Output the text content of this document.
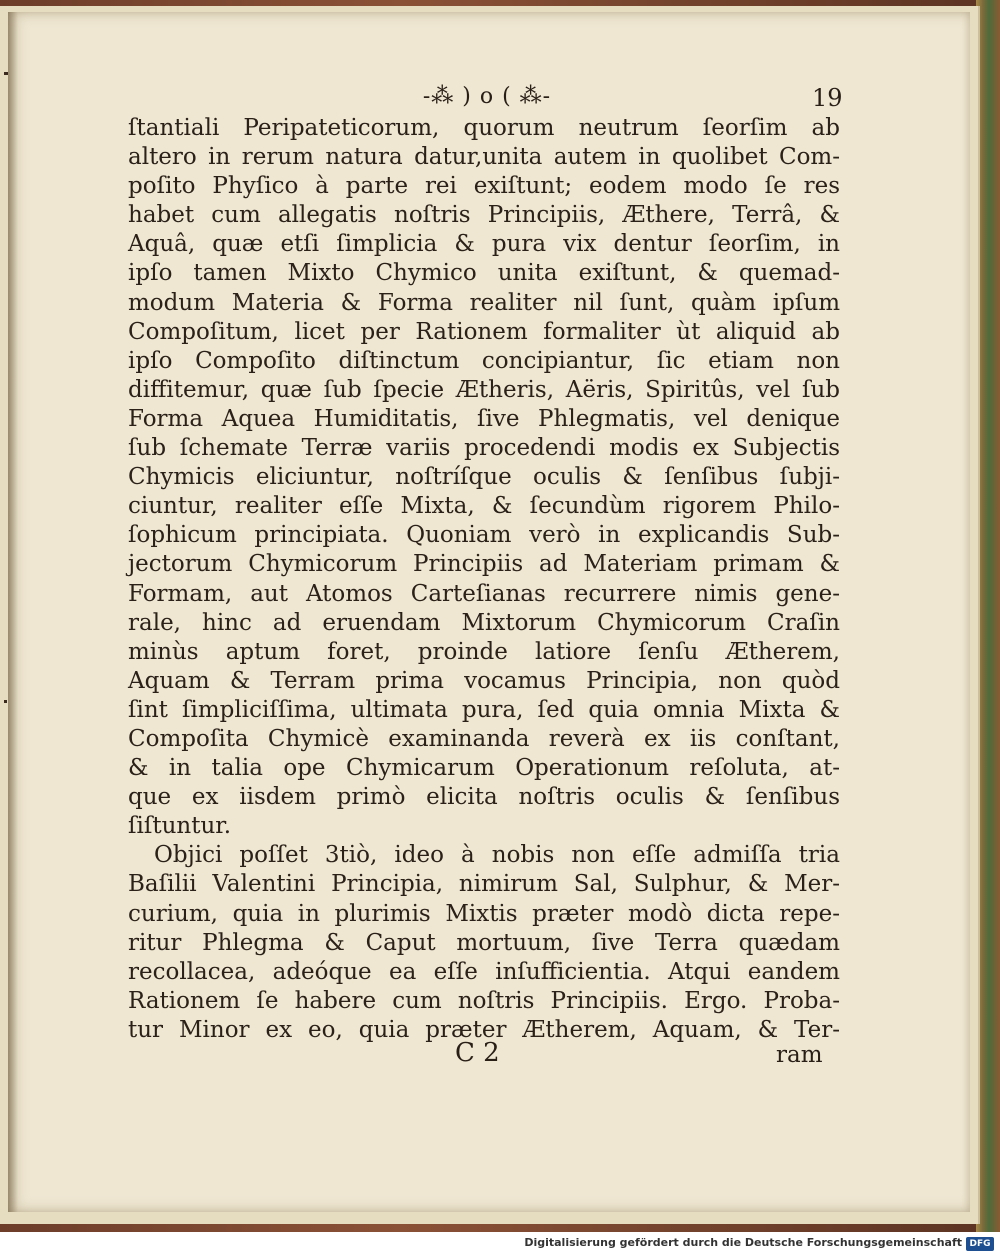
-⁂ ) o ( ⁂-	19
ſtantiali Peripateticorum, quorum neutrum ſeorſim ab
altero in rerum natura datur,unita autem in quolibet Com-
poſito Phyſico à parte rei exiſtunt; eodem modo ſe res
habet cum allegatis noſtris Principiis, Æthere, Terrâ, &
Aquâ, quæ etſi ſimplicia & pura vix dentur ſeorſim, in
ipſo tamen Mixto Chymico unita exiſtunt, & quemad-
modum Materia & Forma realiter nil ſunt, quàm ipſum
Compoſitum, licet per Rationem formaliter ùt aliquid ab
ipſo Compoſito diſtinctum concipiantur, ſic etiam non
diffitemur, quæ ſub ſpecie Ætheris, Aëris, Spiritûs, vel ſub
Forma Aquea Humiditatis, ſive Phlegmatis, vel denique
ſub ſchemate Terræ variis procedendi modis ex Subjectis
Chymicis eliciuntur, noſtríſque oculis & ſenſibus ſubji-
ciuntur, realiter eſſe Mixta, & ſecundùm rigorem Philo-
ſophicum principiata. Quoniam verò in explicandis Sub-
jectorum Chymicorum Principiis ad Materiam primam &
Formam, aut Atomos Carteſianas recurrere nimis gene-
rale, hinc ad eruendam Mixtorum Chymicorum Craſin
minùs aptum foret, proinde latiore ſenſu Ætherem,
Aquam & Terram prima vocamus Principia, non quòd
ſint ſimpliciſſima, ultimata pura, ſed quia omnia Mixta &
Compoſita Chymicè examinanda reverà ex iis conſtant,
& in talia ope Chymicarum Operationum reſoluta, at-
que ex iisdem primò elicita noſtris oculis & ſenſibus
ſiſtuntur.
Objici poſſet 3tiò, ideo à nobis non eſſe admiſſa tria
Baſilii Valentini Principia, nimirum Sal, Sulphur, & Mer-
curium, quia in plurimis Mixtis præter modò dicta repe-
ritur Phlegma & Caput mortuum, ſive Terra quædam
recollacea, adeóque ea eſſe inſufficientia. Atqui eandem
Rationem ſe habere cum noſtris Principiis. Ergo. Proba-
tur Minor ex eo, quia præter Ætherem, Aquam, & Ter-
C 2	ram
Digitalisierung gefördert durch die Deutsche Forschungsgemeinschaft DFG
